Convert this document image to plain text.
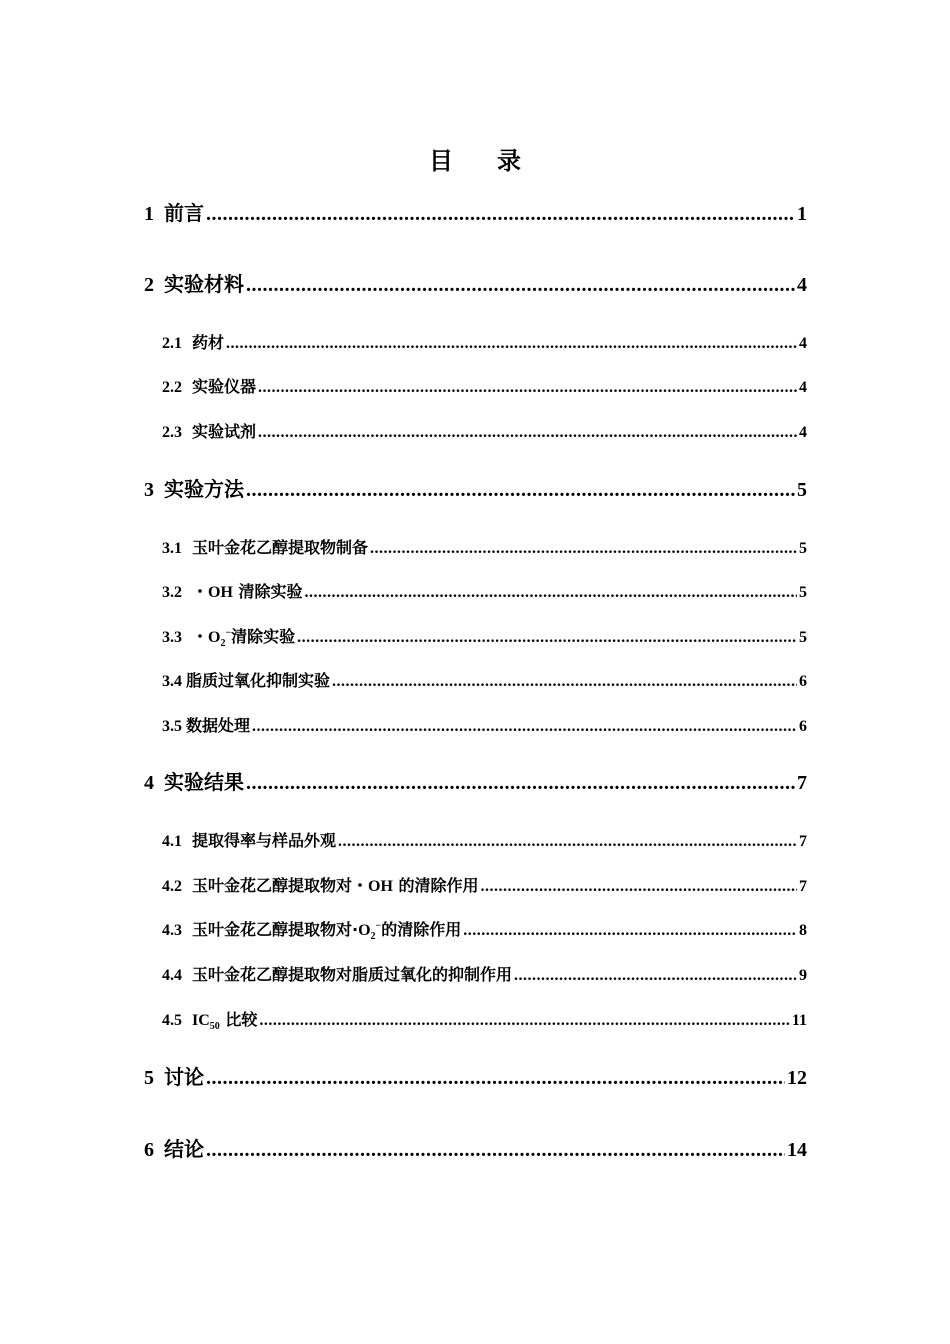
目录
1 前言 .....	1
2 实验材料 .....	4
2.1 药材 .....	4
2.2 实验仪器 .....	4
2.3 实验试剂 .....	4
3 实验方法 .....	5
3.1 玉叶金花乙醇提取物制备 .....	5
3.2 ・OH 清除实验 .....	5
3.3 ・$O_2^-$清除实验 .....	5
3.4 脂质过氧化抑制实验 .....	6
3.5 数据处理 .....	6
4 实验结果 .....	7
4.1 提取得率与样品外观 .....	7
4.2 玉叶金花乙醇提取物对・OH 的清除作用 .....	7
4.3 玉叶金花乙醇提取物对$\cdot O_2^-$的清除作用 .....	8
4.4 玉叶金花乙醇提取物对脂质过氧化的抑制作用 .....	9
4.5 $IC_{50}$ 比较 .....	11
5 讨论 .....	12
6 结论 .....	14
